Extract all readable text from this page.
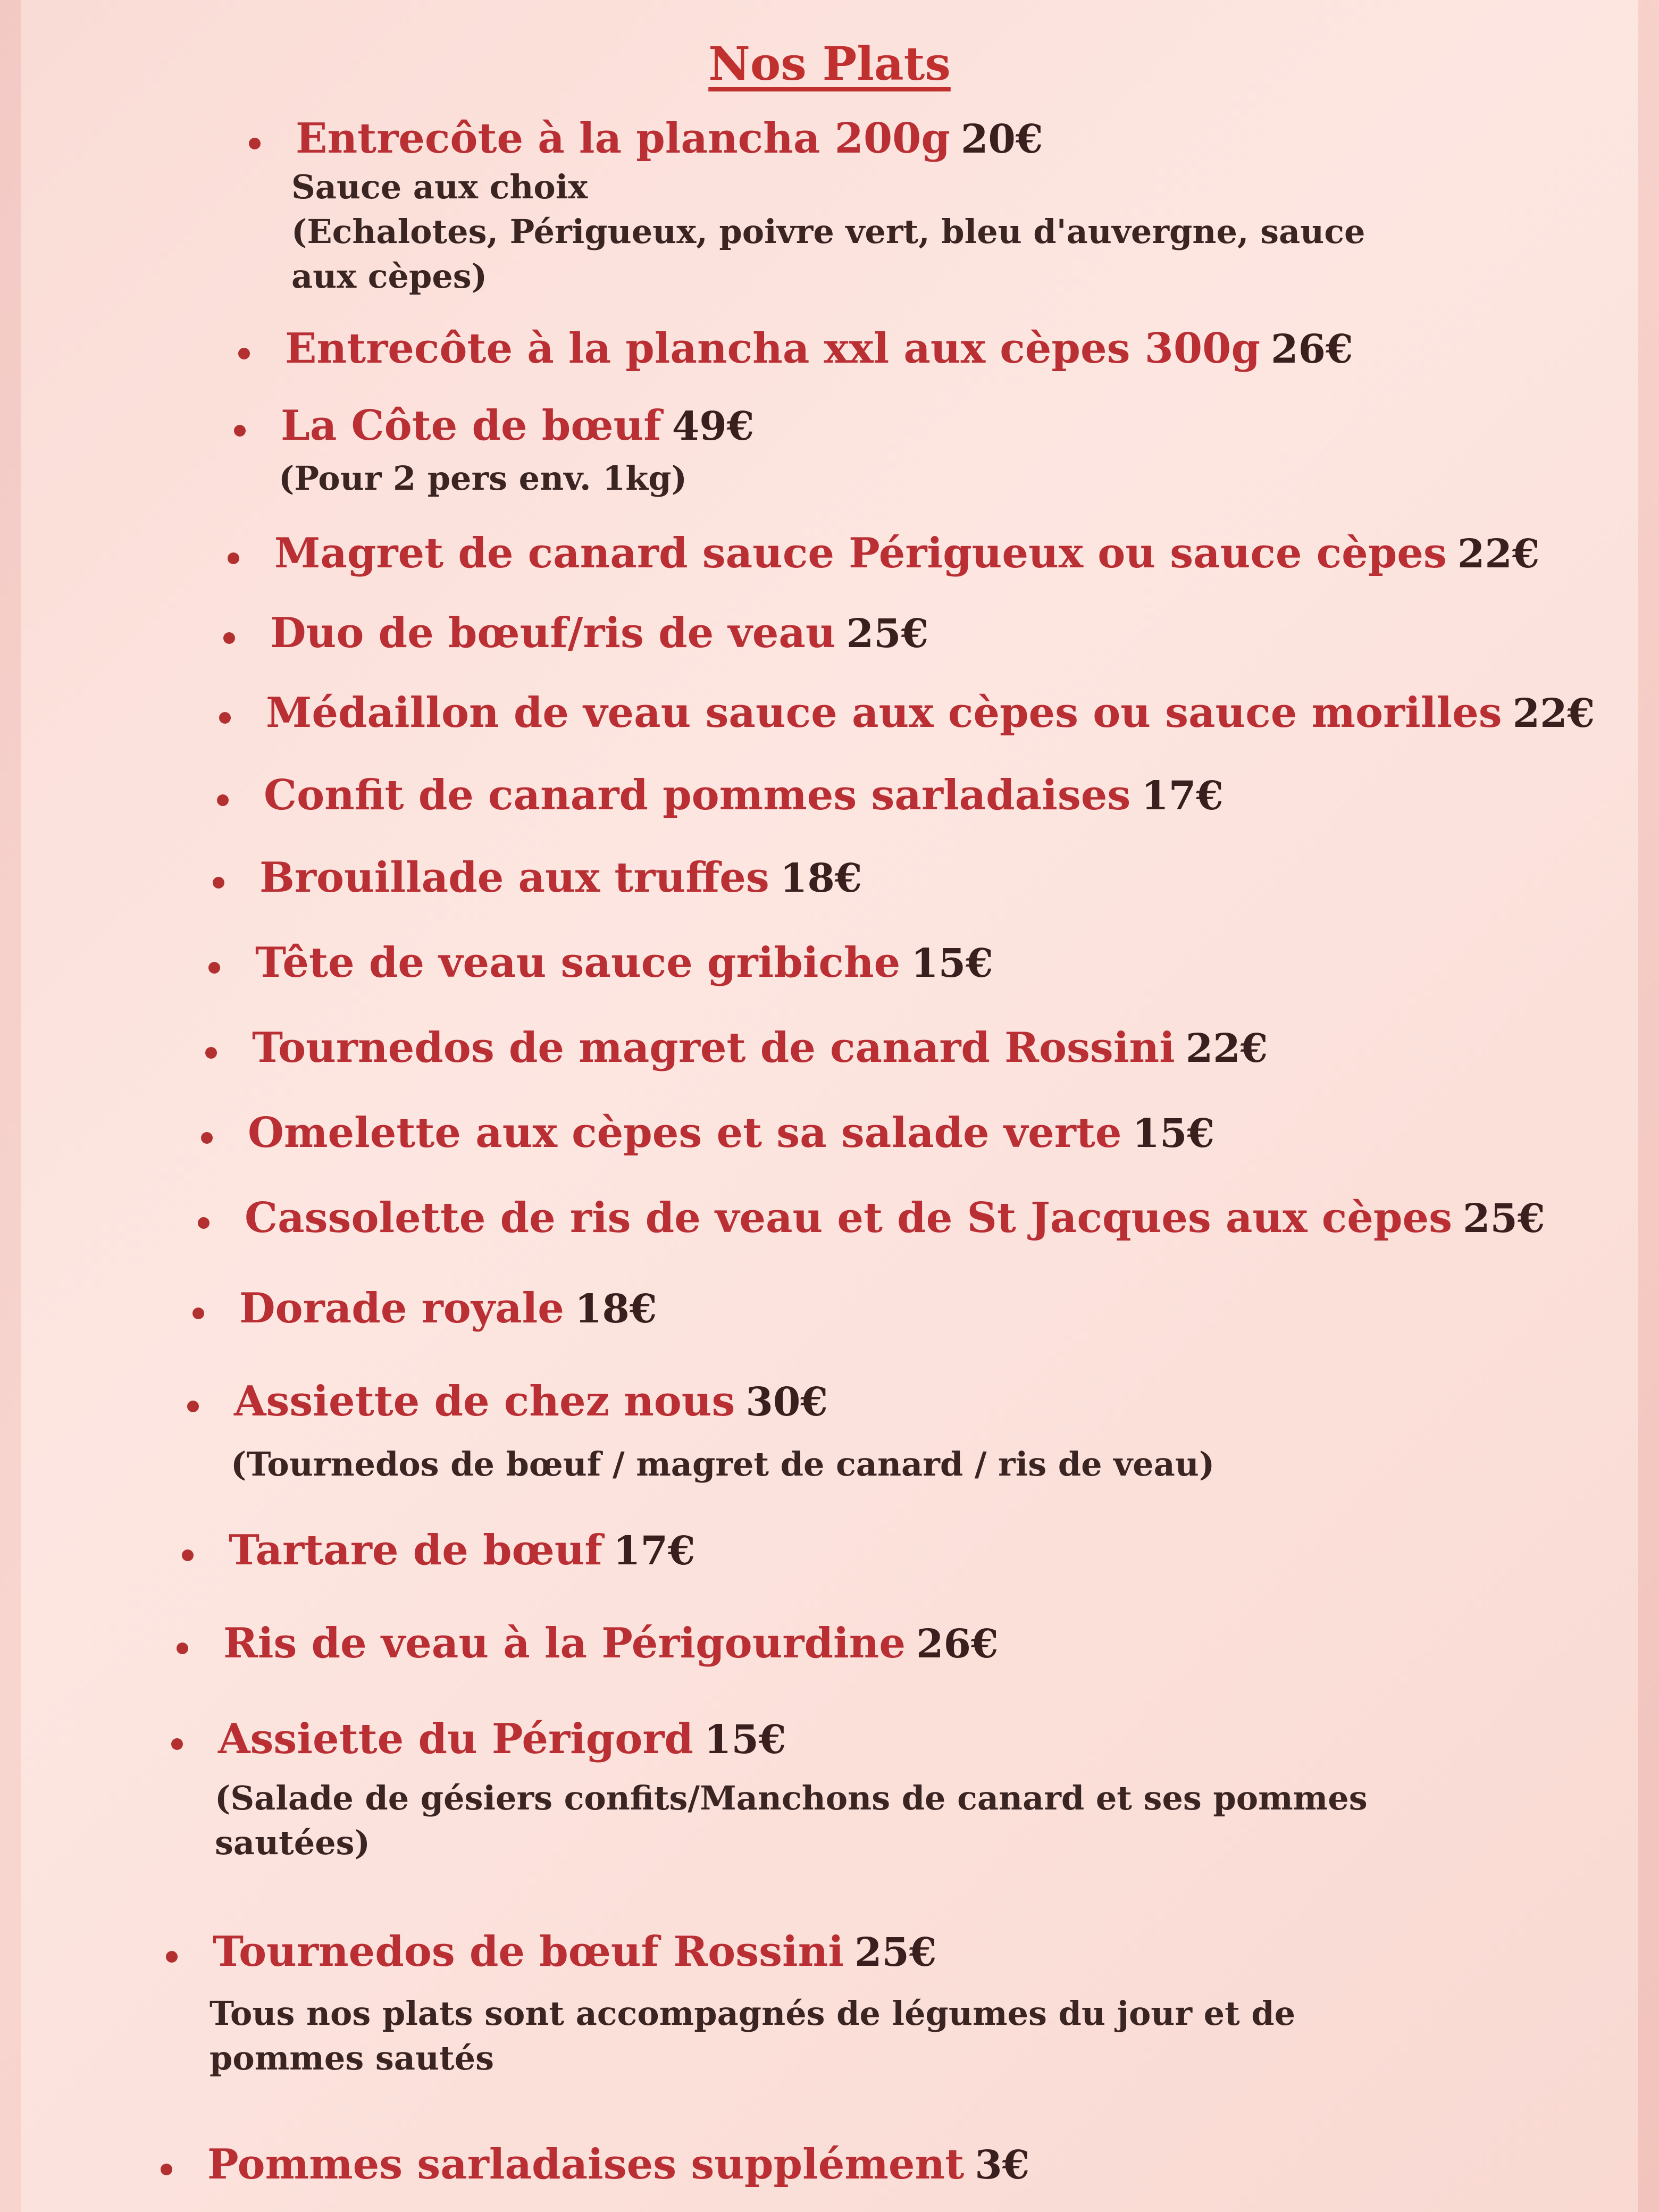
Nos Plats
Entrecôte à la plancha 200g 20€
Sauce aux choix
(Echalotes, Périgueux, poivre vert, bleu d'auvergne, sauce
aux cèpes)
Entrecôte à la plancha xxl aux cèpes 300g 26€
La Côte de bœuf 49€
(Pour 2 pers env. 1kg)
Magret de canard sauce Périgueux ou sauce cèpes 22€
Duo de bœuf/ris de veau 25€
Médaillon de veau sauce aux cèpes ou sauce morilles 22€
Confit de canard pommes sarladaises 17€
Brouillade aux truffes 18€
Tête de veau sauce gribiche 15€
Tournedos de magret de canard Rossini 22€
Omelette aux cèpes et sa salade verte 15€
Cassolette de ris de veau et de St Jacques aux cèpes 25€
Dorade royale 18€
Assiette de chez nous 30€
(Tournedos de bœuf / magret de canard / ris de veau)
Tartare de bœuf 17€
Ris de veau à la Périgourdine 26€
Assiette du Périgord 15€
(Salade de gésiers confits/Manchons de canard et ses pommes
sautées)
Tournedos de bœuf Rossini 25€
Tous nos plats sont accompagnés de légumes du jour et de
pommes sautés
Pommes sarladaises supplément 3€
